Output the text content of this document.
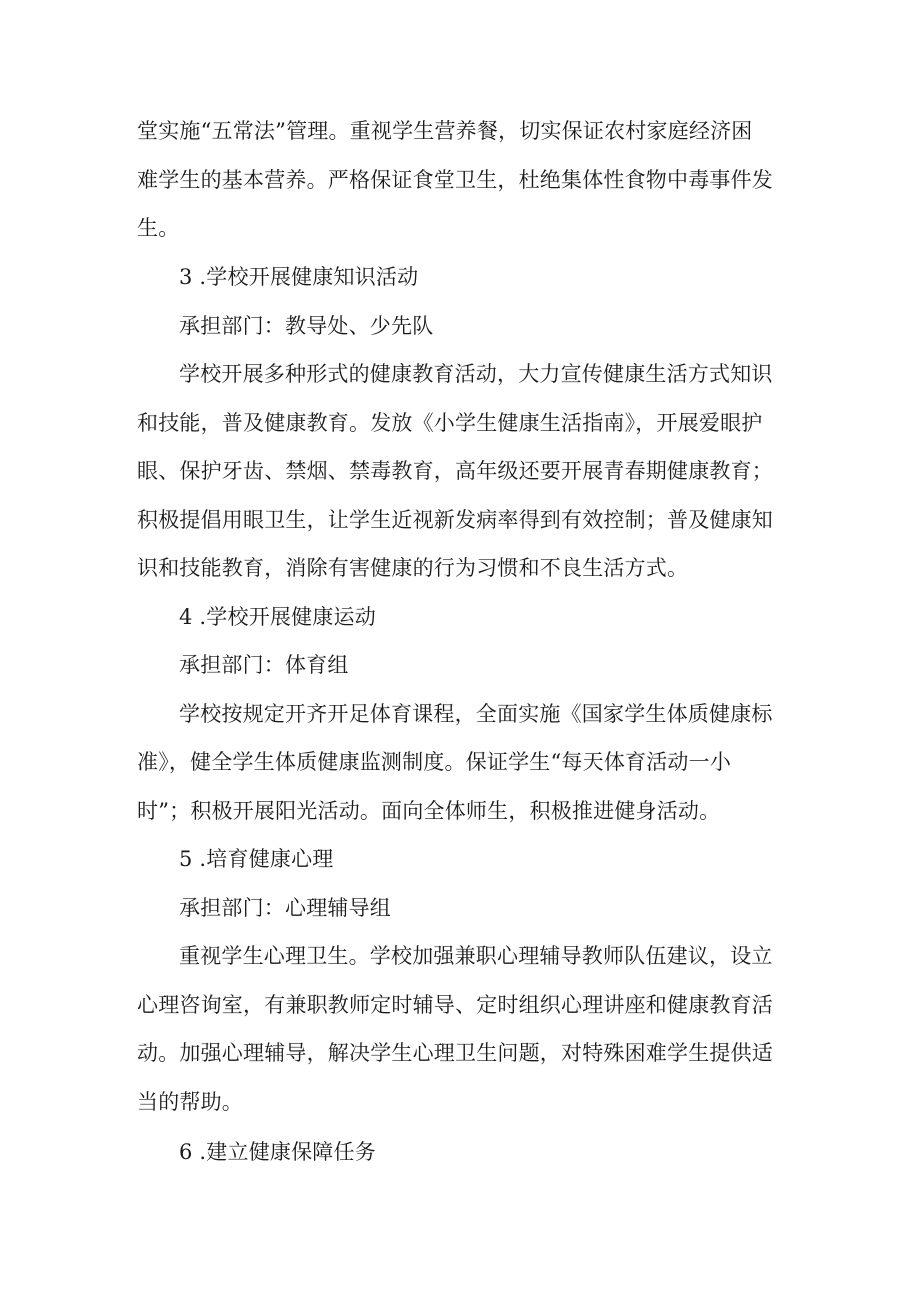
堂实施“五常法”管理。重视学生营养餐，切实保证农村家庭经济困
难学生的基本营养。严格保证食堂卫生，杜绝集体性食物中毒事件发
生。
3 .学校开展健康知识活动
承担部门：教导处、少先队
学校开展多种形式的健康教育活动，大力宣传健康生活方式知识
和技能，普及健康教育。发放《小学生健康生活指南》，开展爱眼护
眼、保护牙齿、禁烟、禁毒教育，高年级还要开展青春期健康教育；
积极提倡用眼卫生，让学生近视新发病率得到有效控制；普及健康知
识和技能教育，消除有害健康的行为习惯和不良生活方式。
4 .学校开展健康运动
承担部门：体育组
学校按规定开齐开足体育课程，全面实施《国家学生体质健康标
准》，健全学生体质健康监测制度。保证学生“每天体育活动一小
时”；积极开展阳光活动。面向全体师生，积极推进健身活动。
5 .培育健康心理
承担部门：心理辅导组
重视学生心理卫生。学校加强兼职心理辅导教师队伍建议，设立
心理咨询室，有兼职教师定时辅导、定时组织心理讲座和健康教育活
动。加强心理辅导，解决学生心理卫生问题，对特殊困难学生提供适
当的帮助。
6 .建立健康保障任务
